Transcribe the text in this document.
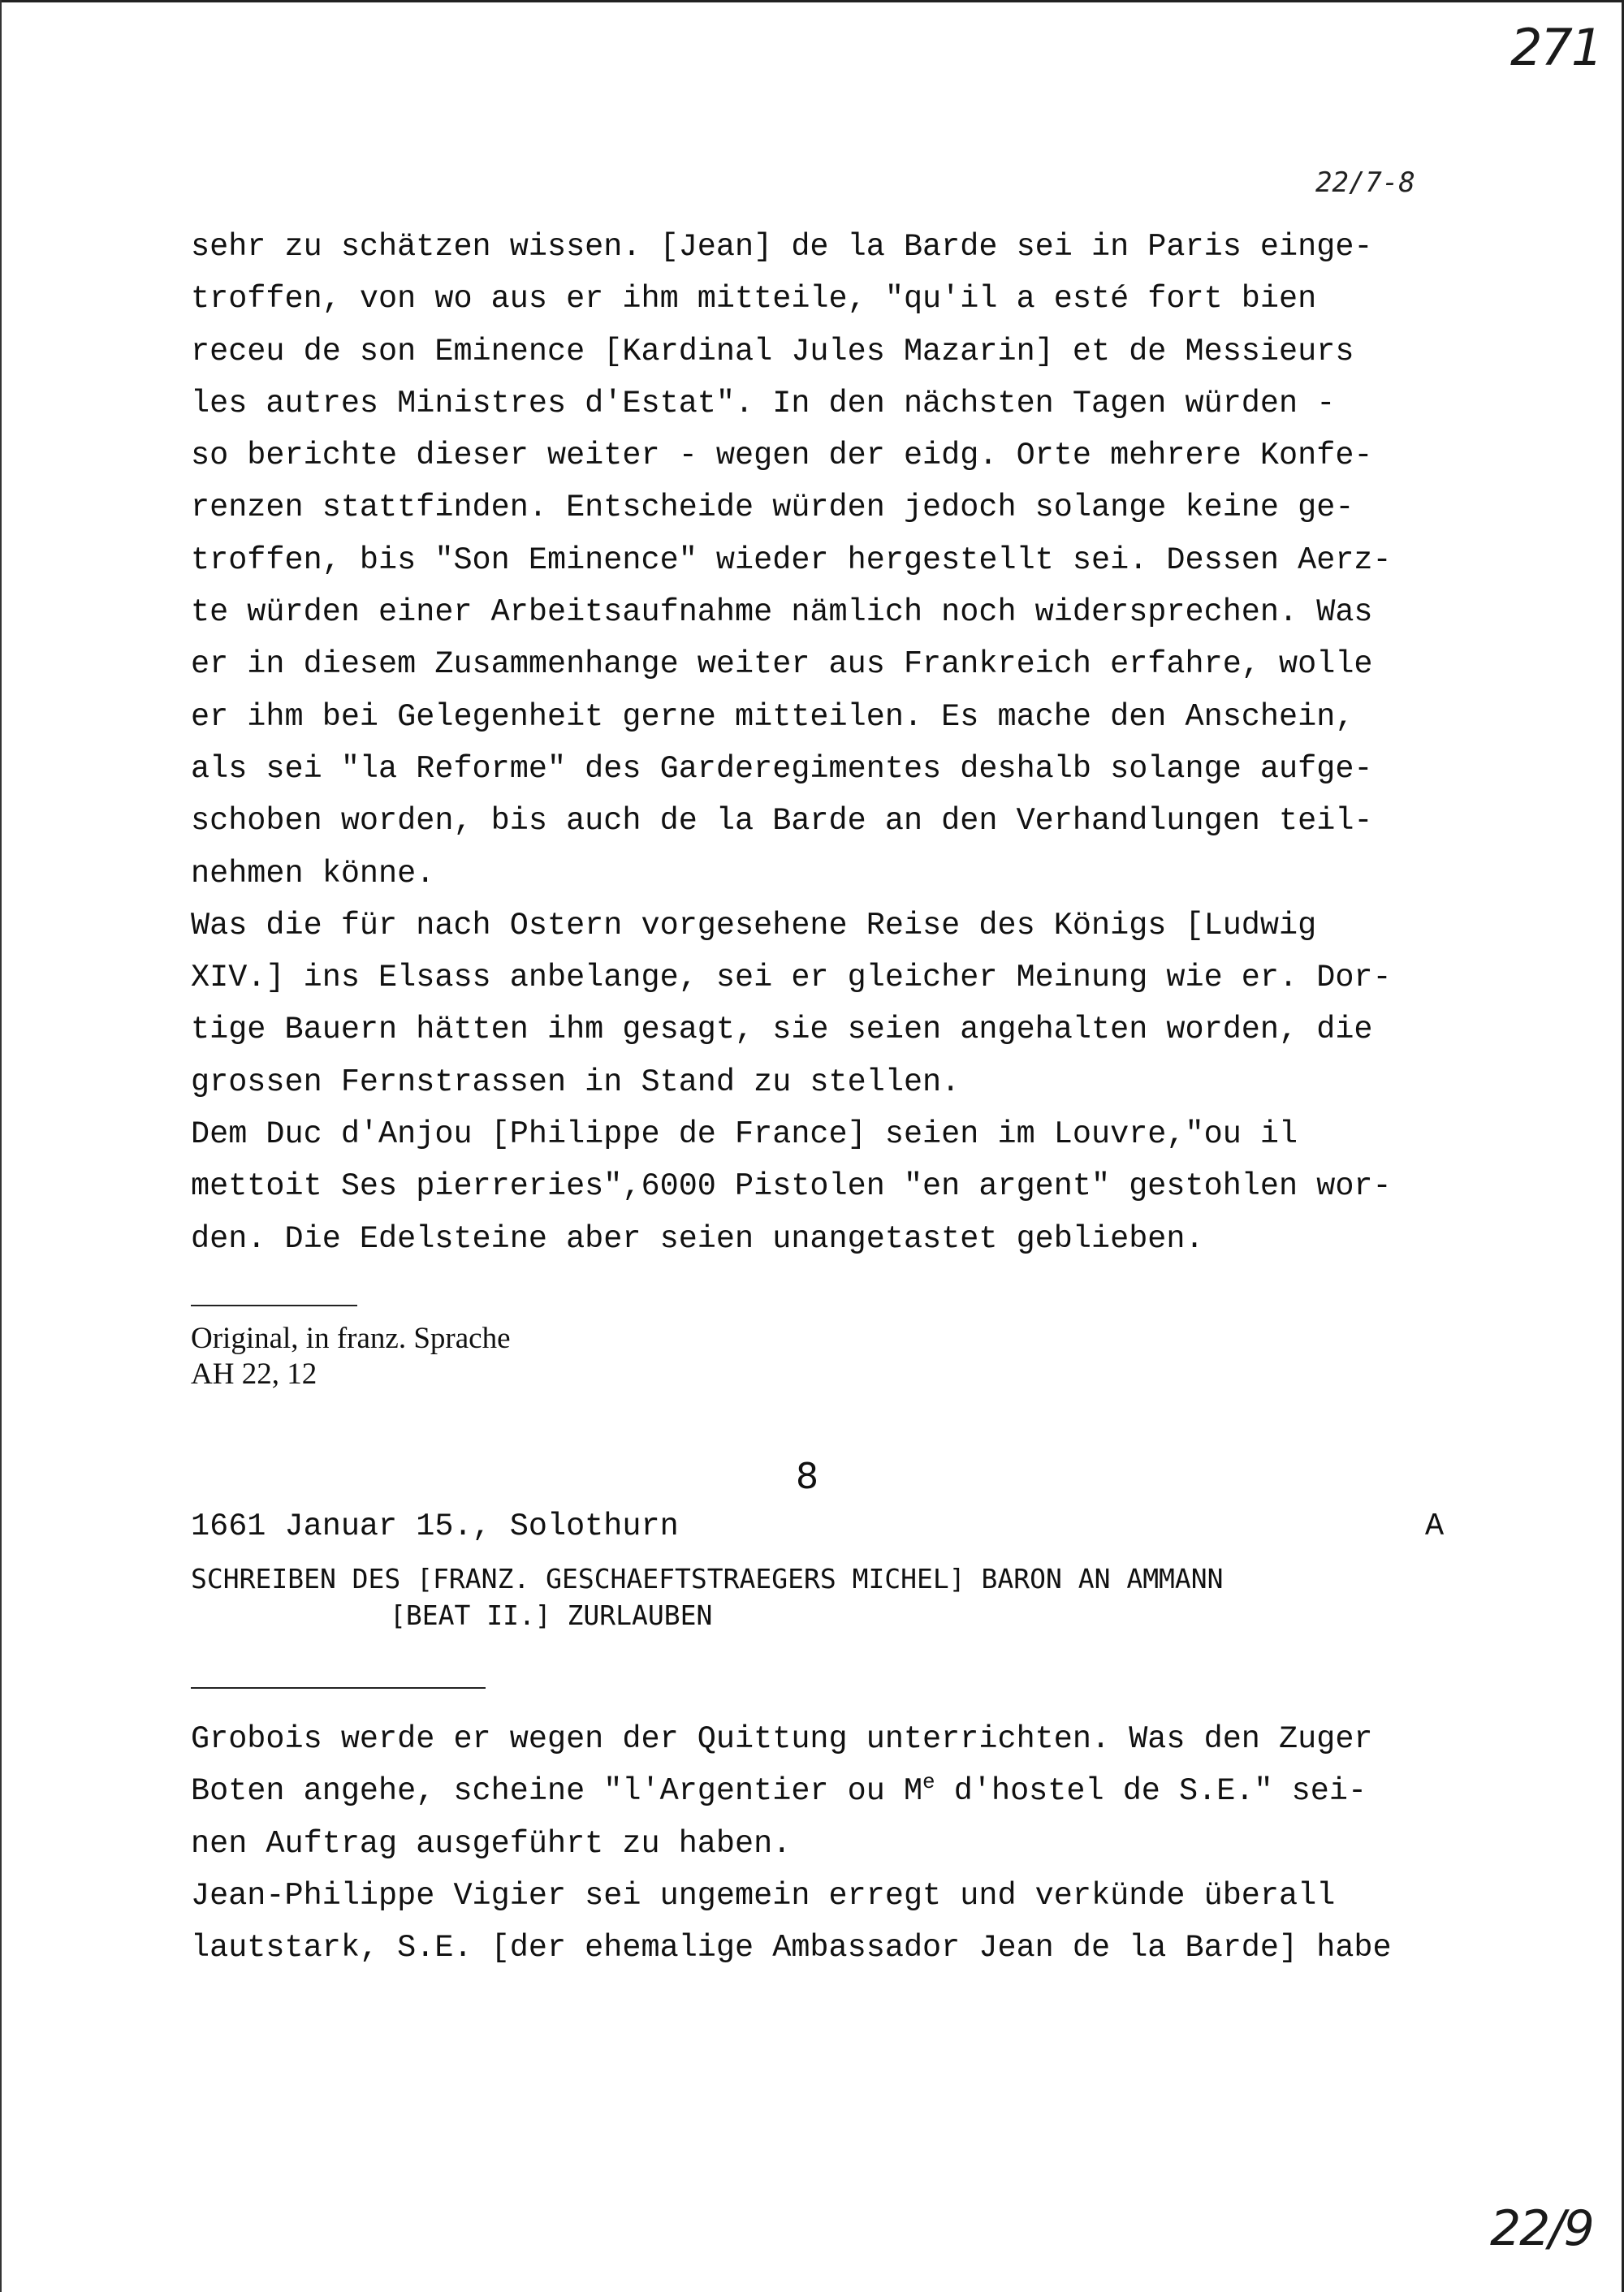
271
22/7-8
sehr zu schätzen wissen. [Jean] de la Barde sei in Paris einge-
troffen, von wo aus er ihm mitteile, "qu'il a esté fort bien
receu de son Eminence [Kardinal Jules Mazarin] et de Messieurs
les autres Ministres d'Estat". In den nächsten Tagen würden -
so berichte dieser weiter - wegen der eidg. Orte mehrere Konfe-
renzen stattfinden. Entscheide würden jedoch solange keine ge-
troffen, bis "Son Eminence" wieder hergestellt sei. Dessen Aerz-
te würden einer Arbeitsaufnahme nämlich noch widersprechen. Was
er in diesem Zusammenhange weiter aus Frankreich erfahre, wolle
er ihm bei Gelegenheit gerne mitteilen. Es mache den Anschein,
als sei "la Reforme" des Garderegimentes deshalb solange aufge-
schoben worden, bis auch de la Barde an den Verhandlungen teil-
nehmen könne.
Was die für nach Ostern vorgesehene Reise des Königs [Ludwig
XIV.] ins Elsass anbelange, sei er gleicher Meinung wie er. Dor-
tige Bauern hätten ihm gesagt, sie seien angehalten worden, die
grossen Fernstrassen in Stand zu stellen.
Dem Duc d'Anjou [Philippe de France] seien im Louvre,"ou il
mettoit Ses pierreries",6000 Pistolen "en argent" gestohlen wor-
den. Die Edelsteine aber seien unangetastet geblieben.
Original, in franz. Sprache
AH 22, 12
8
1661 Januar 15., Solothurn	A
SCHREIBEN DES [FRANZ. GESCHAEFTSTRAEGERS MICHEL] BARON AN AMMANN
[BEAT II.] ZURLAUBEN
Grobois werde er wegen der Quittung unterrichten. Was den Zuger
Boten angehe, scheine "l'Argentier ou Me d'hostel de S.E." sei-
nen Auftrag ausgeführt zu haben.
Jean-Philippe Vigier sei ungemein erregt und verkünde überall
lautstark, S.E. [der ehemalige Ambassador Jean de la Barde] habe
22/9
